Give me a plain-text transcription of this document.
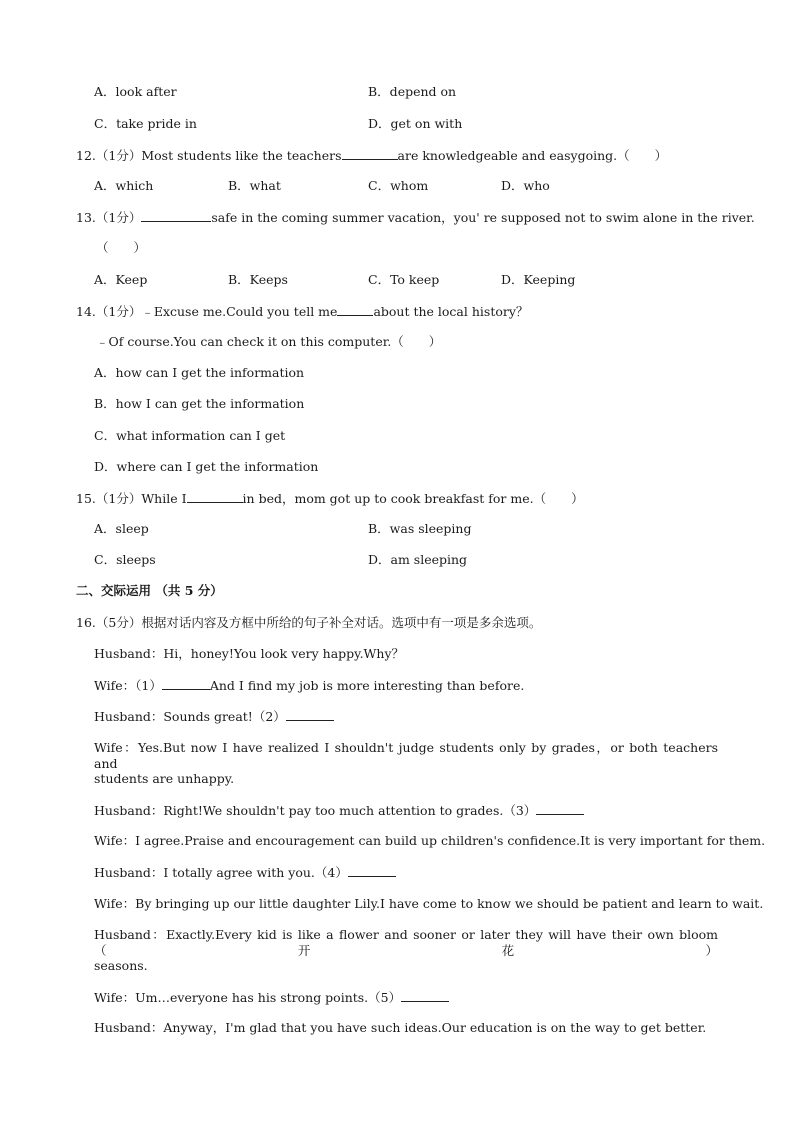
A．look after	B．depend on
C．take pride in	D．get on with
12.（1分）Most students like the teachers	are knowledgeable and easygoing.（　　）
A．which	B．what	C．whom	D．who
13.（1分）	safe in the coming summer vacation，you' re supposed not to swim alone in the river.
（　　）
A．Keep	B．Keeps	C．To keep	D．Keeping
14.（1分）﹣Excuse me.Could you tell me	about the local history？
﹣Of course.You can check it on this computer.（　　）
A．how can I get the information
B．how I can get the information
C．what information can I get
D．where can I get the information
15.（1分）While I	in bed，mom got up to cook breakfast for me.（　　）
A．sleep	B．was sleeping
C．sleeps	D．am sleeping
二、交际运用 （共 5 分）
16.（5分）根据对话内容及方框中所给的句子补全对话。选项中有一项是多余选项。
Husband：Hi，honey!You look very happy.Why？
Wife：（1）	And I find my job is more interesting than before.
Husband：Sounds great!（2）
Wife：Yes.But now I have realized I shouldn't judge students only by grades，or both teachers and
students are unhappy.
Husband：Right!We shouldn't pay too much attention to grades.（3）
Wife：I agree.Praise and encouragement can build up children's confidence.It is very important for them.
Husband：I totally agree with you.（4）
Wife：By bringing up our little daughter Lily.I have come to know we should be patient and learn to wait.
Husband：Exactly.Every kid is like a flower and sooner or later they will have their own bloom （开花）
seasons.
Wife：Um…everyone has his strong points.（5）
Husband：Anyway，I'm glad that you have such ideas.Our education is on the way to get better.
